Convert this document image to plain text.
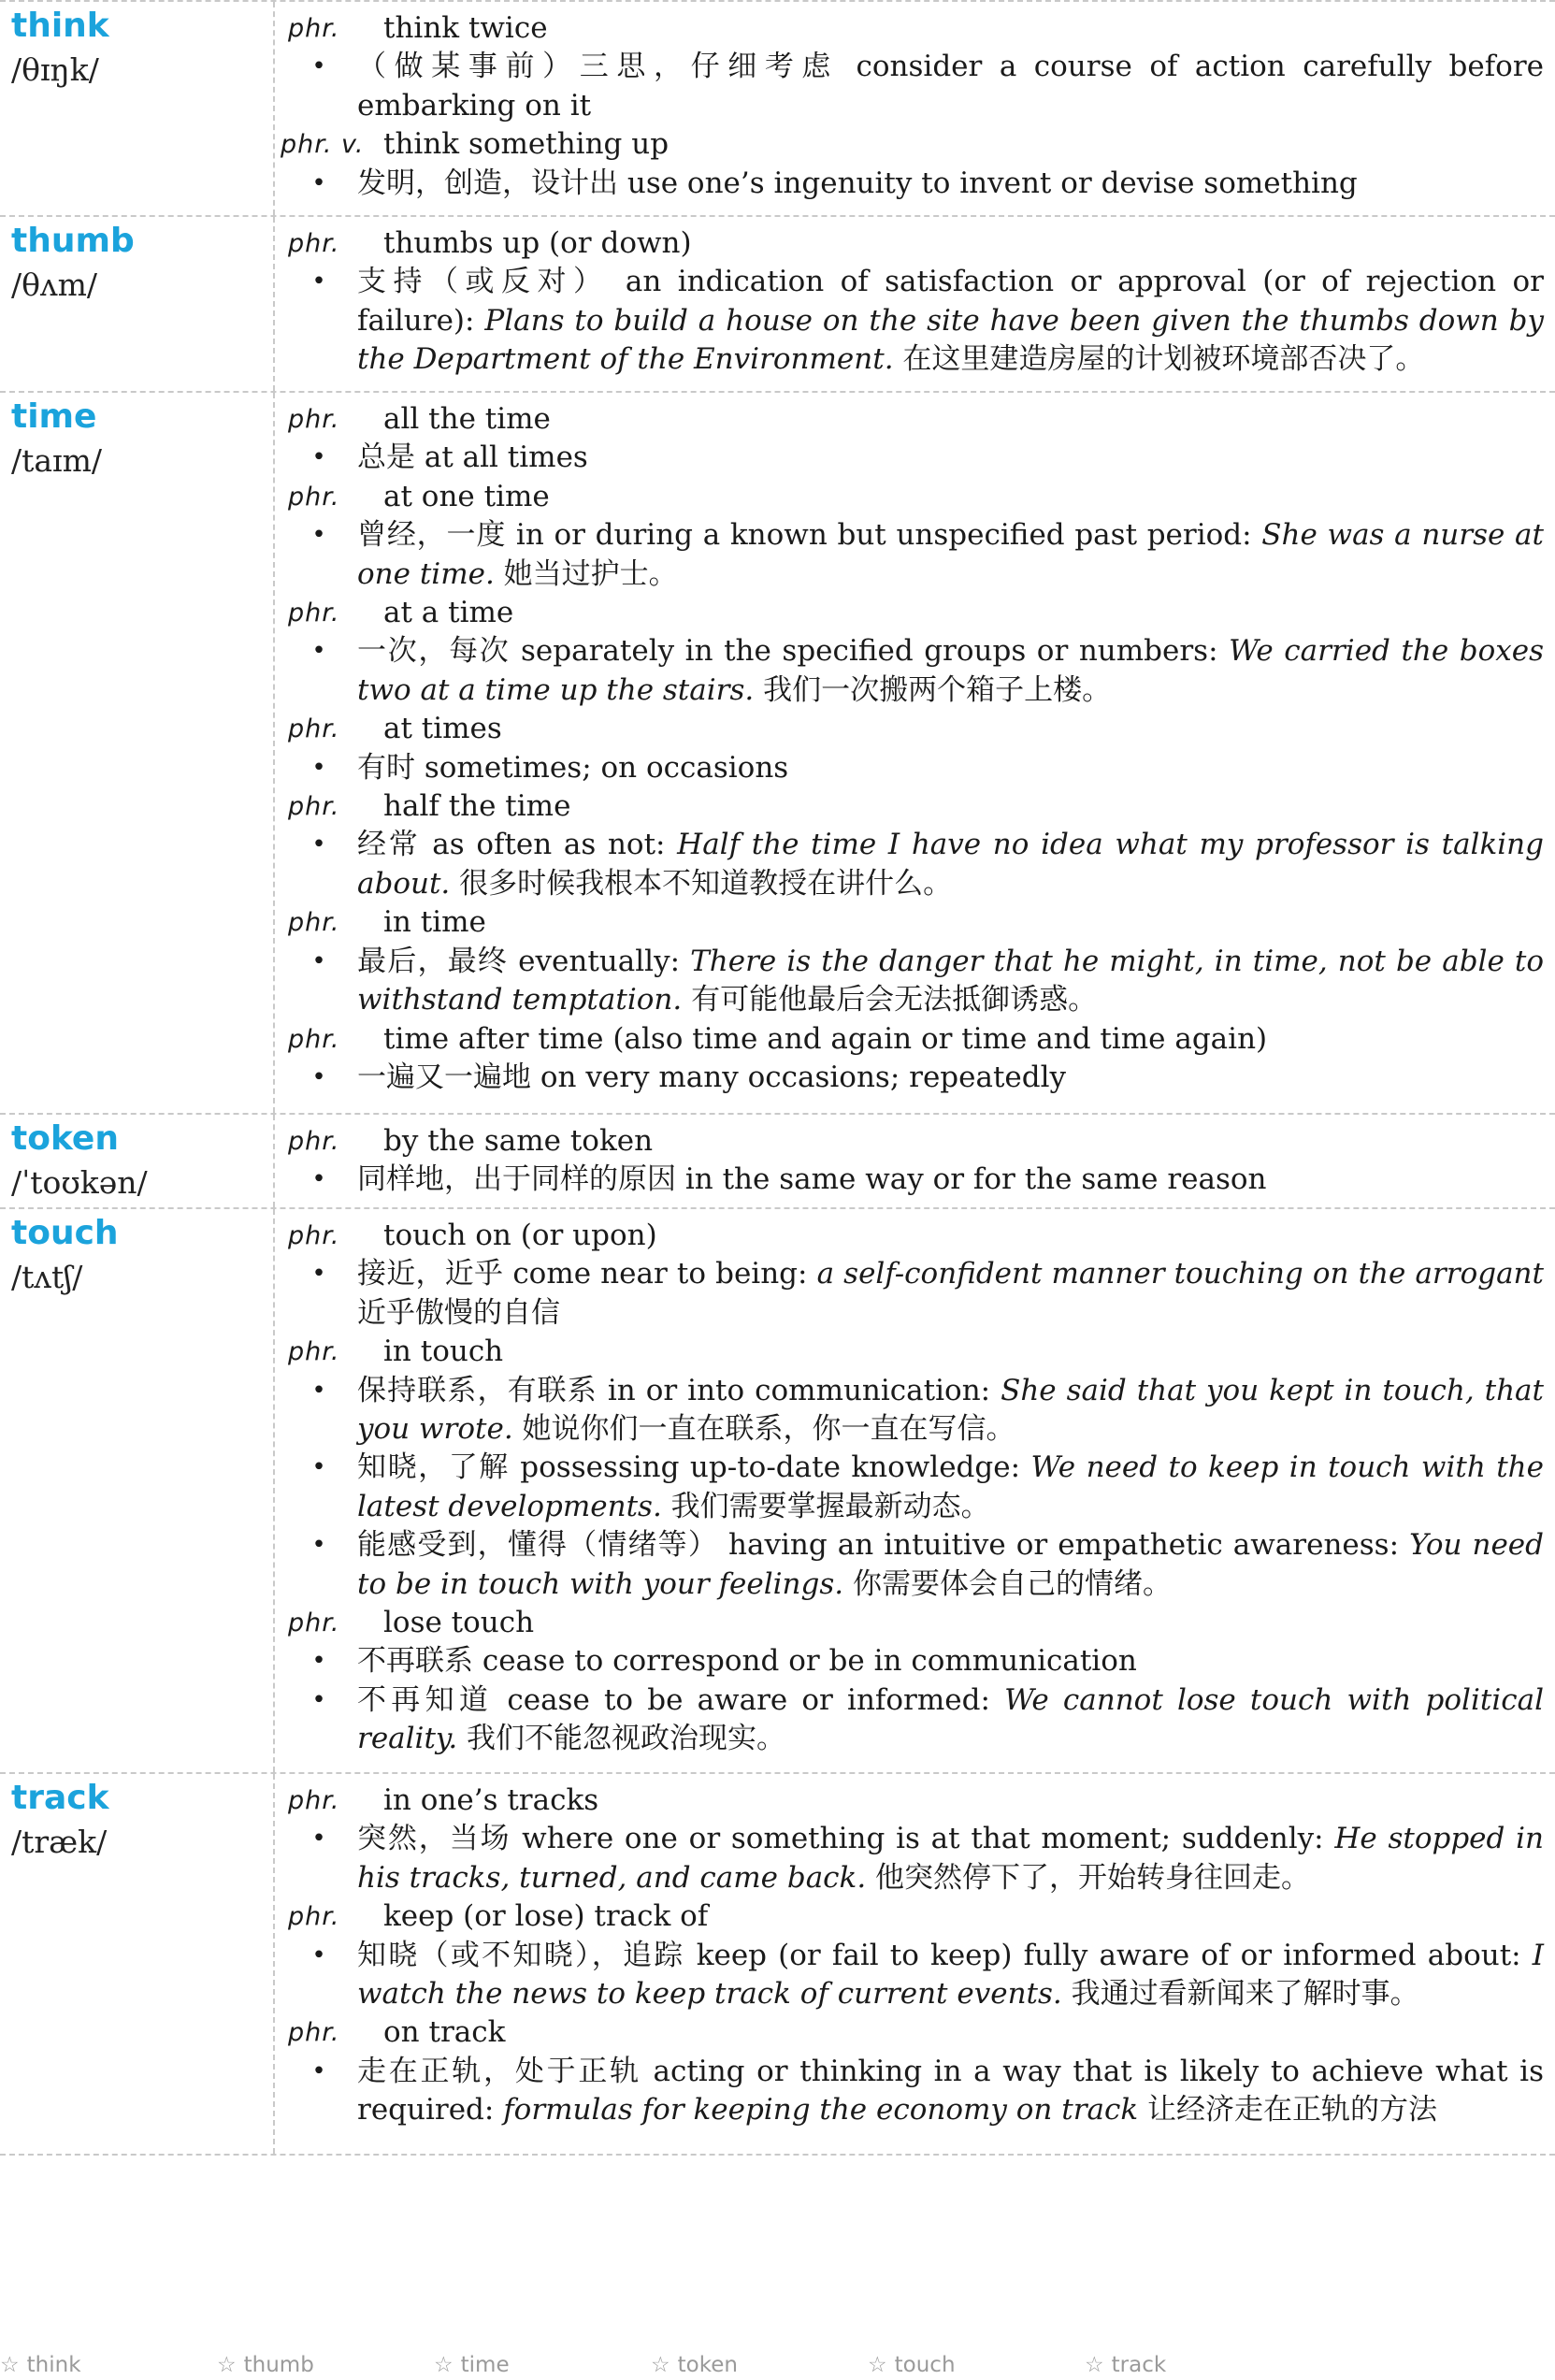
think
/θɪŋk/
phr.	think twice
•	（做某事前）三思，仔细考虑 consider a course of action carefully before embarking on it
phr. v. think something up
•	发明，创造，设计出 use one’s ingenuity to invent or devise something
thumb
/θʌm/
phr.	thumbs up (or down)
•	支持（或反对） an indication of satisfaction or approval (or of rejection or failure): Plans to build a house on the site have been given the thumbs down by the Department of the Environment. 在这里建造房屋的计划被环境部否决了。
time
/taɪm/
phr.	all the time
•	总是 at all times
phr.	at one time
•	曾经，一度 in or during a known but unspecified past period: She was a nurse at one time. 她当过护士。
phr.	at a time
•	一次，每次 separately in the specified groups or numbers: We carried the boxes two at a time up the stairs. 我们一次搬两个箱子上楼。
phr.	at times
•	有时 sometimes; on occasions
phr.	half the time
•	经常 as often as not: Half the time I have no idea what my professor is talking about. 很多时候我根本不知道教授在讲什么。
phr.	in time
•	最后，最终 eventually: There is the danger that he might, in time, not be able to withstand temptation. 有可能他最后会无法抵御诱惑。
phr.	time after time (also time and again or time and time again)
•	一遍又一遍地 on very many occasions; repeatedly
token
/ˈtoʊkən/
phr.	by the same token
•	同样地，出于同样的原因 in the same way or for the same reason
touch
/tʌtʃ/
phr.	touch on (or upon)
•	接近，近乎 come near to being: a self-confident manner touching on the arrogant 近乎傲慢的自信
phr.	in touch
•	保持联系，有联系 in or into communication: She said that you kept in touch, that you wrote. 她说你们一直在联系，你一直在写信。
•	知晓，了解 possessing up-to-date knowledge: We need to keep in touch with the latest developments. 我们需要掌握最新动态。
•	能感受到，懂得（情绪等） having an intuitive or empathetic awareness: You need to be in touch with your feelings. 你需要体会自己的情绪。
phr.	lose touch
•	不再联系 cease to correspond or be in communication
•	不再知道 cease to be aware or informed: We cannot lose touch with political reality. 我们不能忽视政治现实。
track
/træk/
phr.	in one’s tracks
•	突然，当场 where one or something is at that moment; suddenly: He stopped in his tracks, turned, and came back. 他突然停下了，开始转身往回走。
phr.	keep (or lose) track of
•	知晓（或不知晓），追踪 keep (or fail to keep) fully aware of or informed about: I watch the news to keep track of current events. 我通过看新闻来了解时事。
phr.	on track
•	走在正轨，处于正轨 acting or thinking in a way that is likely to achieve what is required: formulas for keeping the economy on track 让经济走在正轨的方法
☆ think	☆ thumb	☆ time	☆ token	☆ touch	☆ track
